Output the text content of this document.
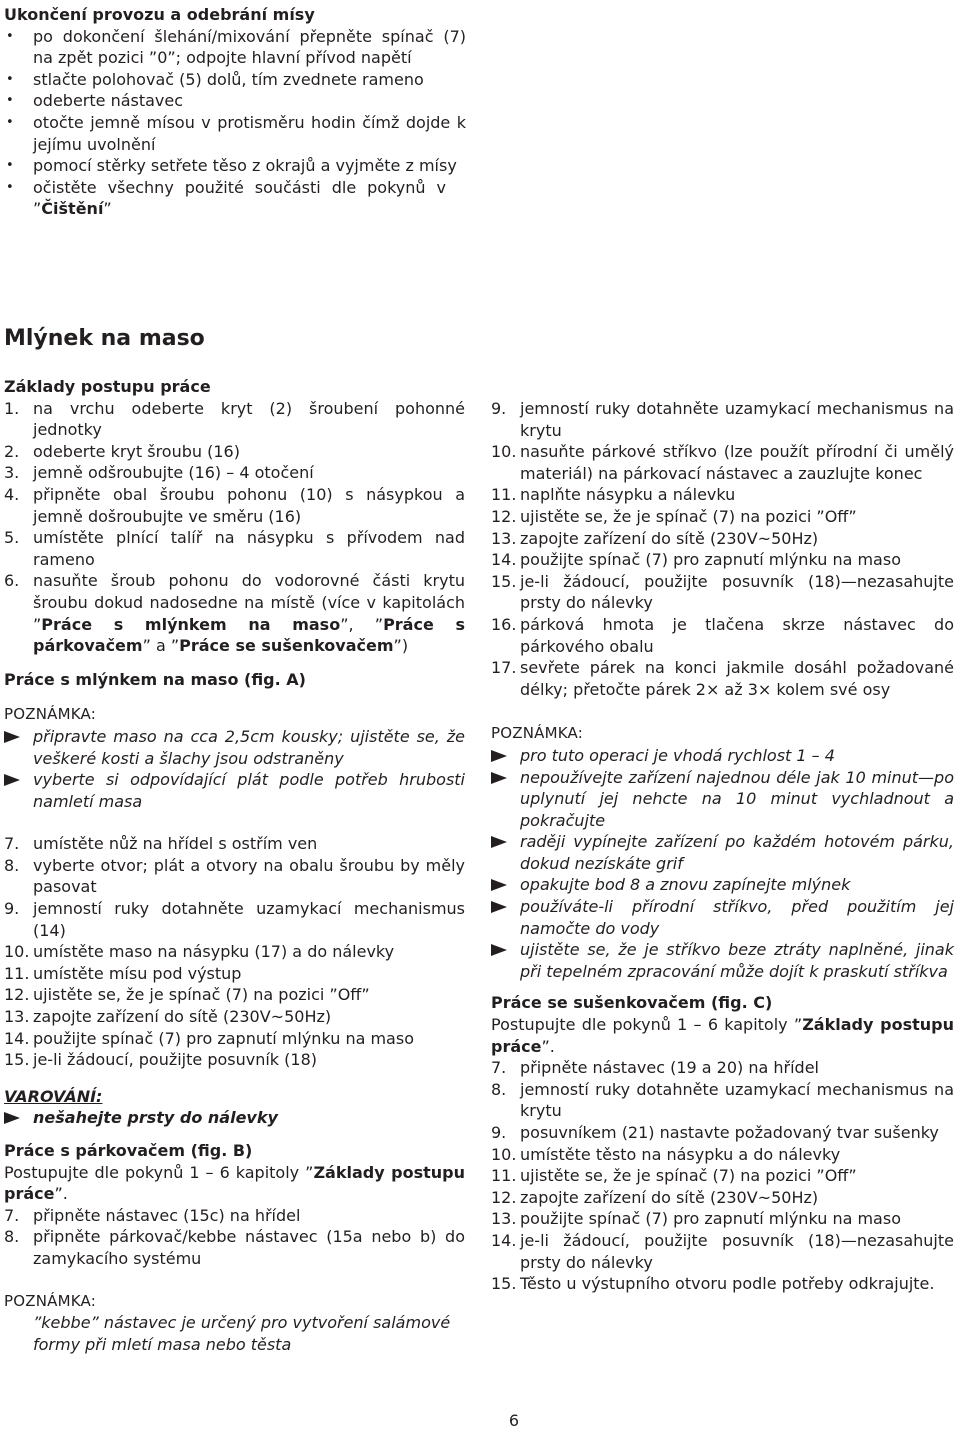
Ukončení provozu a odebrání mísy

• po dokončení šlehání/mixování přepněte spínač (7) na zpět pozici ”0”; odpojte hlavní přívod napětí

• stlačte polohovač (5) dolů, tím zvednete rameno

• odeberte nástavec

• otočte jemně mísou v protisměru hodin čímž dojde k jejímu uvolnění

• pomocí stěrky setřete těso z okrajů a vyjměte z mísy

• očistěte všechny použité součásti dle pokynů v ”Čištění”

Mlýnek na maso
Základy postupu práce

1. na vrchu odeberte kryt (2) šroubení pohonné jednotky

2. odeberte kryt šroubu (16)

3. jemně odšroubujte (16) – 4 otočení

4. připněte obal šroubu pohonu (10) s násypkou a jemně došroubujte ve směru (16)

5. umístěte plnící talíř na násypku s přívodem nad rameno

6. nasuňte šroub pohonu do vodorovné části krytu šroubu dokud nadosedne na místě (více v kapitolách ”Práce s mlýnkem na maso”, ”Práce s párkovačem” a ”Práce se sušenkovačem”)

Práce s mlýnkem na maso (fig. A)

POZNÁMKA:

připravte maso na cca 2,5cm kousky; ujistěte se, že veškeré kosti a šlachy jsou odstraněny

vyberte si odpovídající plát podle potřeb hrubosti namletí masa

7. umístěte nůž na hřídel s ostřím ven

8. vyberte otvor; plát a otvory na obalu šroubu by měly pasovat

9. jemností ruky dotahněte uzamykací mechanismus (14)

10. umístěte maso na násypku (17) a do nálevky

11. umístěte mísu pod výstup

12. ujistěte se, že je spínač (7) na pozici ”Off”

13. zapojte zařízení do sítě (230V~50Hz)

14. použijte spínač (7) pro zapnutí mlýnku na maso

15. je-li žádoucí, použijte posuvník (18)

VAROVÁNÍ:

nešahejte prsty do nálevky

Práce s párkovačem (fig. B)

Postupujte dle pokynů 1 – 6 kapitoly ”Základy postupu práce”.

7. připněte nástavec (15c) na hřídel

8. připněte párkovač/kebbe nástavec (15a nebo b) do zamykacího systému

POZNÁMKA:

”kebbe” nástavec je určený pro vytvoření salámové formy při mletí masa nebo těsta

9. jemností ruky dotahněte uzamykací mechanismus na krytu

10. nasuňte párkové stříkvo (lze použít přírodní či umělý materiál) na párkovací nástavec a zauzlujte konec

11. naplňte násypku a nálevku

12. ujistěte se, že je spínač (7) na pozici ”Off”

13. zapojte zařízení do sítě (230V~50Hz)

14. použijte spínač (7) pro zapnutí mlýnku na maso

15. je-li žádoucí, použijte posuvník (18)—nezasahujte prsty do nálevky

16. párková hmota je tlačena skrze nástavec do párkového obalu

17. sevřete párek na konci jakmile dosáhl požadované délky; přetočte párek 2× až 3× kolem své osy

POZNÁMKA:

pro tuto operaci je vhodá rychlost 1 – 4

nepoužívejte zařízení najednou déle jak 10 minut—po uplynutí jej nehcte na 10 minut vychladnout a pokračujte

raději vypínejte zařízení po každém hotovém párku, dokud nezískáte grif

opakujte bod 8 a znovu zapínejte mlýnek

používáte-li přírodní stříkvo, před použitím jej namočte do vody

ujistěte se, že je stříkvo beze ztráty naplněné, jinak při tepelném zpracování může dojít k praskutí stříkva

Práce se sušenkovačem (fig. C)

Postupujte dle pokynů 1 – 6 kapitoly ”Základy postupu práce”.

7. připněte nástavec (19 a 20) na hřídel

8. jemností ruky dotahněte uzamykací mechanismus na krytu

9. posuvníkem (21) nastavte požadovaný tvar sušenky

10. umístěte těsto na násypku a do nálevky

11. ujistěte se, že je spínač (7) na pozici ”Off”

12. zapojte zařízení do sítě (230V~50Hz)

13. použijte spínač (7) pro zapnutí mlýnku na maso

14. je-li žádoucí, použijte posuvník (18)—nezasahujte prsty do nálevky

15. Těsto u výstupního otvoru podle potřeby odkrajujte.

6
